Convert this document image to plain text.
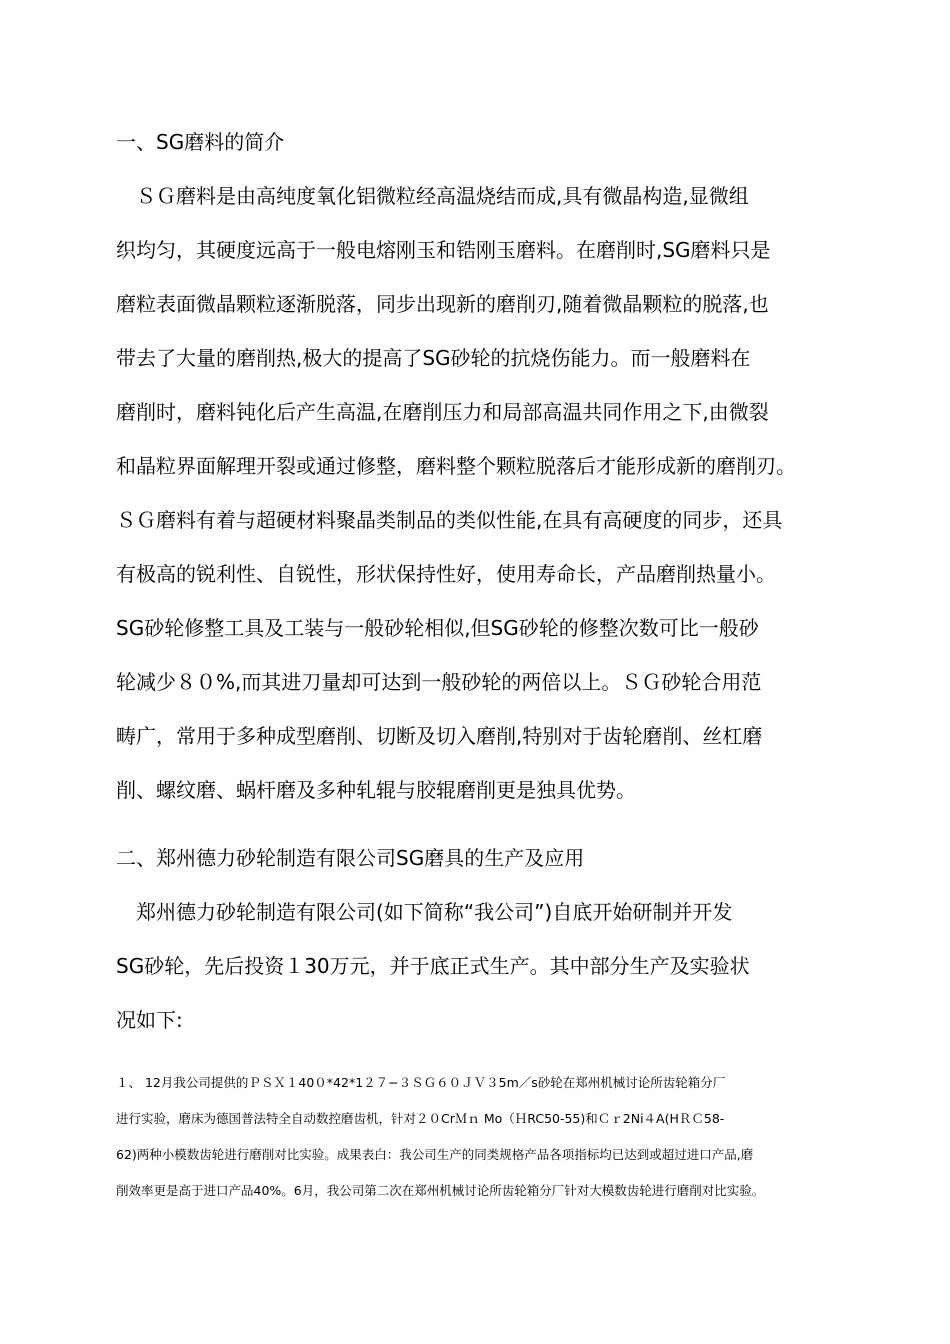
一、SG磨料的简介
　ＳＧ磨料是由高纯度氧化铝微粒经高温烧结而成,具有微晶构造,显微组
织均匀，其硬度远高于一般电熔刚玉和锆刚玉磨料。在磨削时,SG磨料只是
磨粒表面微晶颗粒逐渐脱落，同步出现新的磨削刃,随着微晶颗粒的脱落,也
带去了大量的磨削热,极大的提高了SG砂轮的抗烧伤能力。而一般磨料在
磨削时，磨料钝化后产生高温,在磨削压力和局部高温共同作用之下,由微裂
和晶粒界面解理开裂或通过修整，磨料整个颗粒脱落后才能形成新的磨削刃。
ＳＧ磨料有着与超硬材料聚晶类制品的类似性能,在具有高硬度的同步，还具
有极高的锐利性、自锐性，形状保持性好，使用寿命长，产品磨削热量小。
SG砂轮修整工具及工装与一般砂轮相似,但SG砂轮的修整次数可比一般砂
轮减少８０%,而其进刀量却可达到一般砂轮的两倍以上。ＳＧ砂轮合用范
畴广，常用于多种成型磨削、切断及切入磨削,特别对于齿轮磨削、丝杠磨
削、螺纹磨、蜗杆磨及多种轧辊与胶辊磨削更是独具优势。
二、郑州德力砂轮制造有限公司SG磨具的生产及应用
　郑州德力砂轮制造有限公司(如下简称“我公司”)自底开始研制并开发
SG砂轮，先后投资１30万元，并于底正式生产。其中部分生产及实验状
况如下:
１、 12月我公司提供的ＰＳＸ１40０*42*1２７−３ＳＧ６０ＪＶ３5m／s砂轮在郑州机械讨论所齿轮箱分厂
进行实验，磨床为德国普法特全自动数控磨齿机，针对２０CrＭｎ Mo（ＨRC50-55)和Ｃｒ2Ni４A(HＲＣ58-
62)两种小模数齿轮进行磨削对比实验。成果表白：我公司生产的同类规格产品各项指标均已达到或超过进口产品,磨
削效率更是高于进口产品40%。6月，我公司第二次在郑州机械讨论所齿轮箱分厂针对大模数齿轮进行磨削对比实验。
